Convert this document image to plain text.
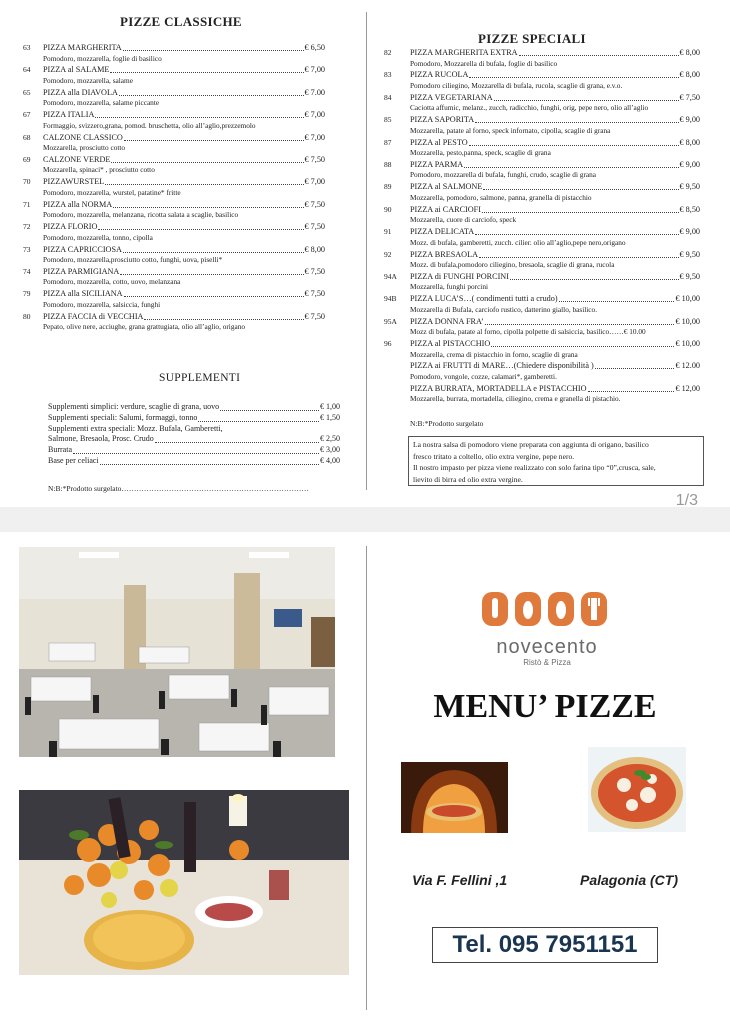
PIZZE CLASSICHE
PIZZE SPECIALI
63 PIZZA MARGHERITA	€ 6,50
Pomodoro, mozzarella, foglie di basilico
64 PIZZA al SALAME	€ 7,00
Pomodoro, mozzarella, salame
65 PIZZA alla DIAVOLA	€ 7.00
Pomodoro, mozzarella, salame piccante
67 PIZZA ITALIA	€ 7,00
Formaggio, svizzero,grana, pomod. bruschetta, olio all’aglio,prezzemolo
68 CALZONE CLASSICO	€ 7,00
Mozzarella, prosciutto cotto
69 CALZONE VERDE	€ 7,50
Mozzarella, spinaci* , prosciutto cotto
70 PIZZAWURSTEL	€ 7,00
Pomodoro, mozzarella, wurstel, patatine* fritte
71 PIZZA alla NORMA	€ 7,50
Pomodoro, mozzarella, melanzana, ricotta salata a scaglie, basilico
72 PIZZA FLORIO	€ 7,50
Pomodoro, mozzarella, tonno, cipolla
73 PIZZA CAPRICCIOSA	€ 8,00
Pomodoro, mozzarella,prosciutto cotto, funghi, uova, piselli*
74 PIZZA PARMIGIANA	€ 7,50
Pomodoro, mozzarella, cotto, uovo, melanzana
79 PIZZA alla SICILIANA	€ 7,50
Pomodoro, mozzarella, salsiccia, funghi
80 PIZZA FACCIA di VECCHIA	€ 7,50
Pepato, olive nere, acciughe, grana grattugiata, olio all’aglio, origano
82 PIZZA MARGHERITA EXTRA	€ 8,00
Pomodoro, Mozzarella di bufala, foglie di basilico
83 PIZZA RUCOLA	€ 8,00
Pomodoro ciliegino, Mozzarella di bufala, rucola, scaglie di grana, e.v.o.
84 PIZZA VEGETARIANA	€ 7,50
Caciotta affumic, melanz., zucch, radicchio, funghi, orig, pepe nero, olio all’aglio
85 PIZZA SAPORITA	€ 9,00
Mozzarella, patate al forno, speck infornato, cipolla, scaglie di grana
87 PIZZA al PESTO	€ 8,00
Mozzarella, pesto,panna, speck, scaglie di grana
88 PIZZA PARMA	€ 9,00
Pomodoro, mozzarella di bufala, funghi, crudo, scaglie di grana
89 PIZZA al SALMONE	€ 9,50
Mozzarella, pomodoro, salmone, panna, granella di pistacchio
90 PIZZA ai CARCIOFI	€ 8,50
Mozzarella, cuore di carciofo, speck
91 PIZZA DELICATA	€ 9,00
Mozz. di bufala, gamberetti, zucch. ciliег. olio all’aglio,pepe nero,origano
92 PIZZA BRESAOLA	€ 9,50
Mozz. di bufala,pomodoro ciliegino, bresaola, scaglie di grana, rucola
94A PIZZA di FUNGHI PORCINI	€ 9,50
Mozzarella, funghi porcini
94B PIZZA LUCA’S…( condimenti tutti a crudo)	€ 10,00
Mozzarella di Bufala, carciofo rustico, datterino giallo, basilico.
95A PIZZA DONNA FRA’	€ 10,00
Mozz di bufala, patate al forno, cipolla polpette di salsiccia, basilico……€ 10.00
96 PIZZA al PISTACCHIO	€ 10,00
Mozzarella, crema di pistacchio in forno, scaglie di grana
PIZZA ai FRUTTI di MARE…(Chiedere disponibilità )	€ 12.00
Pomodoro, vongole, cozze, calamari*, gamberetti.
PIZZA BURRATA, MORTADELLA e PISTACCHIO	€ 12,00
Mozzarella, burrata, mortadella, ciliegino, crema e granella di pistachio.
SUPPLEMENTI
Supplementi simplici: verdure, scaglie di grana, uovo	€ 1,00
Supplementi speciali: Salumi, formaggi, tonno	€ 1,50
Supplementi extra speciali: Mozz. Bufala, Gamberetti,
Salmone, Bresaola, Prosc. Crudo	€ 2,50
Burrata	€ 3,00
Base per celiaci	€ 4,00
N:B:*Prodotto surgelato…………………………………………………………………
N:B:*Prodotto surgelato
La nostra salsa di pomodoro viene preparata con aggiunta di origano, basilico
fresco tritato a coltello, olio extra vergine, pepe nero.
Il nostro impasto per pizza viene realizzato con solo farina tipo “0”,crusca, sale,
lievito di birra ed olio extra vergine.
1/3
novecento
Ristò & Pizza
MENU’ PIZZE
Via F. Fellini ,1	Palagonia (CT)
Tel. 095 7951151
